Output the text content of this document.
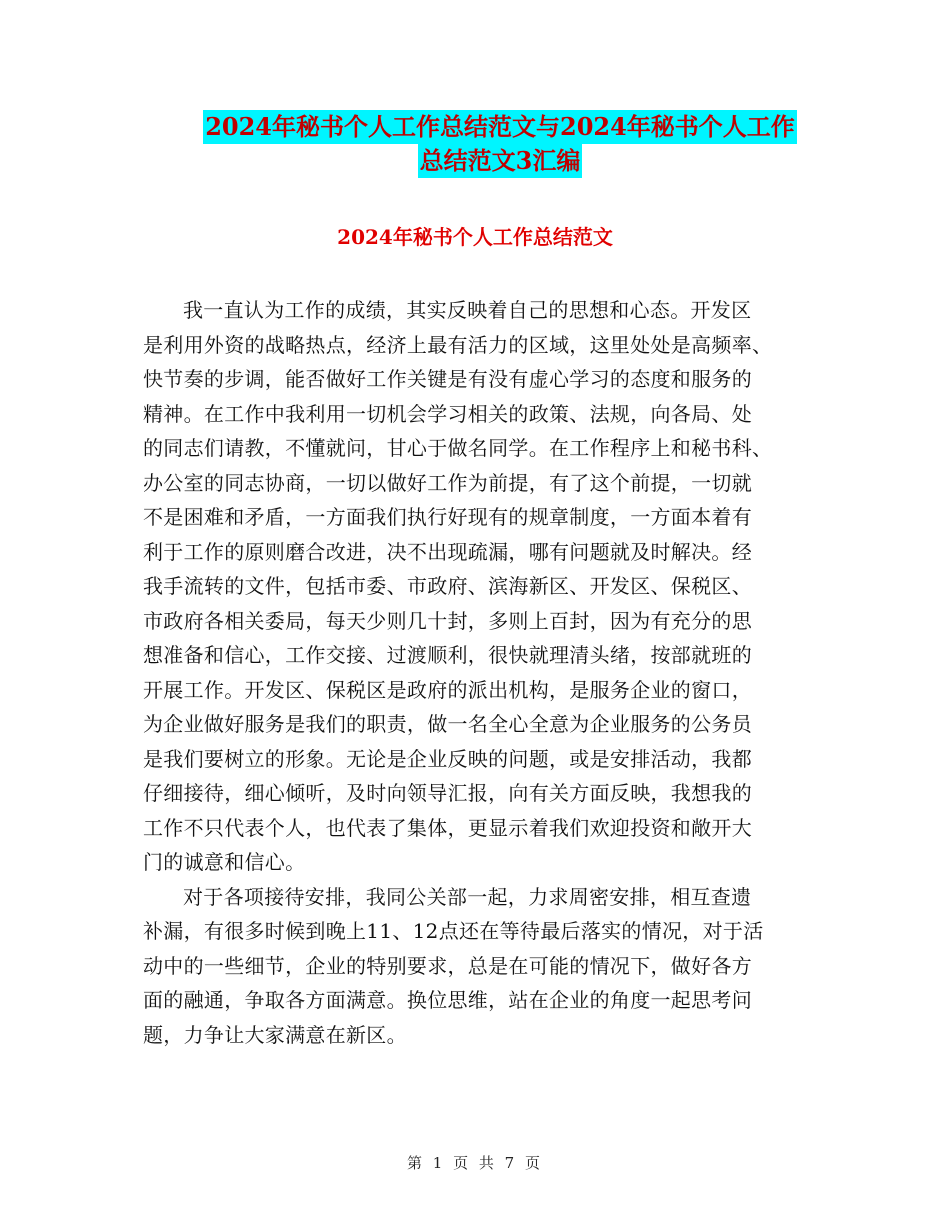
2024年秘书个人工作总结范文与2024年秘书个人工作
总结范文3汇编
2024年秘书个人工作总结范文

我一直认为工作的成绩，其实反映着自己的思想和心态。开发区
是利用外资的战略热点，经济上最有活力的区域，这里处处是高频率、
快节奏的步调，能否做好工作关键是有没有虚心学习的态度和服务的
精神。在工作中我利用一切机会学习相关的政策、法规，向各局、处
的同志们请教，不懂就问，甘心于做名同学。在工作程序上和秘书科、
办公室的同志协商，一切以做好工作为前提，有了这个前提，一切就
不是困难和矛盾，一方面我们执行好现有的规章制度，一方面本着有
利于工作的原则磨合改进，决不出现疏漏，哪有问题就及时解决。经
我手流转的文件，包括市委、市政府、滨海新区、开发区、保税区、
市政府各相关委局，每天少则几十封，多则上百封，因为有充分的思
想准备和信心，工作交接、过渡顺利，很快就理清头绪，按部就班的
开展工作。开发区、保税区是政府的派出机构，是服务企业的窗口，
为企业做好服务是我们的职责，做一名全心全意为企业服务的公务员
是我们要树立的形象。无论是企业反映的问题，或是安排活动，我都
仔细接待，细心倾听，及时向领导汇报，向有关方面反映，我想我的
工作不只代表个人，也代表了集体，更显示着我们欢迎投资和敞开大
门的诚意和信心。

对于各项接待安排，我同公关部一起，力求周密安排，相互查遗
补漏，有很多时候到晚上11、12点还在等待最后落实的情况，对于活
动中的一些细节，企业的特别要求，总是在可能的情况下，做好各方
面的融通，争取各方面满意。换位思维，站在企业的角度一起思考问
题，力争让大家满意在新区。

第 1 页 共 7 页
